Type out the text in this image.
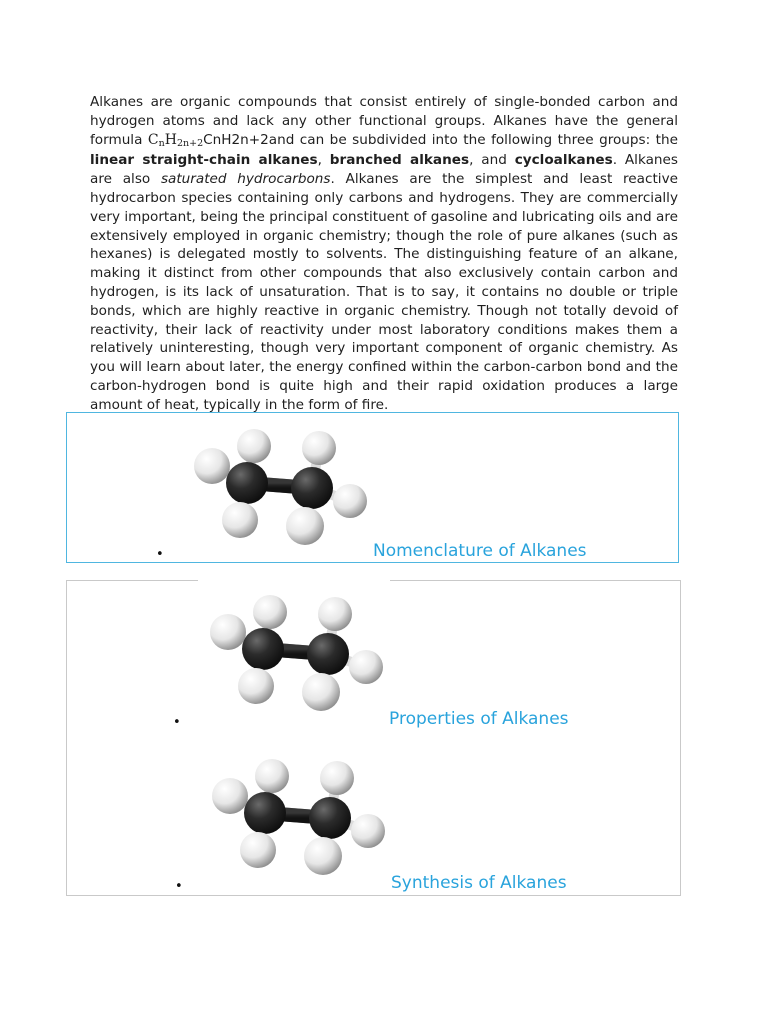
Alkanes are organic compounds that consist entirely of single-bonded carbon and hydrogen atoms and lack any other functional groups. Alkanes have the general formula $C_nH_{2n+2}CnH2n+2and$ can be subdivided into the following three groups: the linear straight-chain alkanes, branched alkanes, and cycloalkanes. Alkanes are also saturated hydrocarbons. Alkanes are the simplest and least reactive hydrocarbon species containing only carbons and hydrogens. They are commercially very important, being the principal constituent of gasoline and lubricating oils and are extensively employed in organic chemistry; though the role of pure alkanes (such as hexanes) is delegated mostly to solvents. The distinguishing feature of an alkane, making it distinct from other compounds that also exclusively contain carbon and hydrogen, is its lack of unsaturation. That is to say, it contains no double or triple bonds, which are highly reactive in organic chemistry. Though not totally devoid of reactivity, their lack of reactivity under most laboratory conditions makes them a relatively uninteresting, though very important component of organic chemistry. As you will learn about later, the energy confined within the carbon-carbon bond and the carbon-hydrogen bond is quite high and their rapid oxidation produces a large amount of heat, typically in the form of fire.
•	Nomenclature of Alkanes
•	Properties of Alkanes
•	Synthesis of Alkanes
